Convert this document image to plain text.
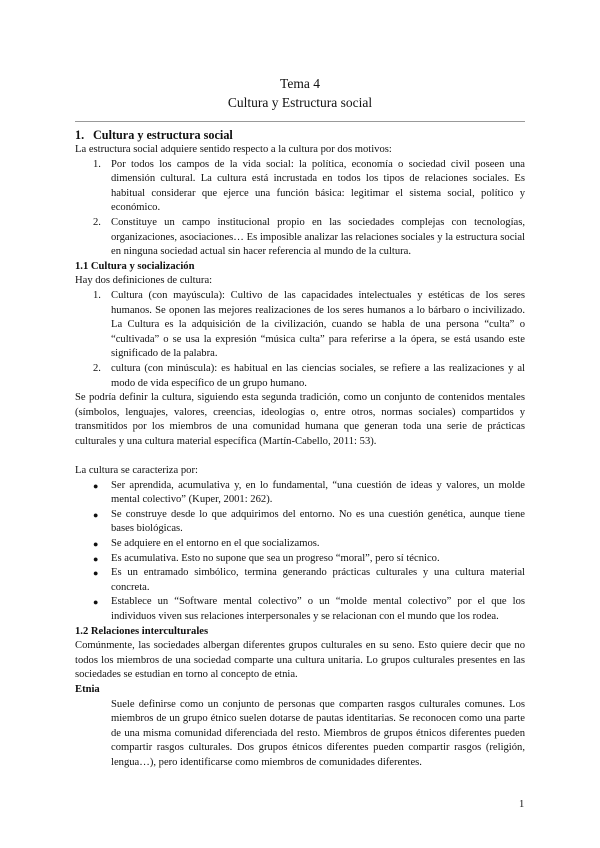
Tema 4
Cultura y Estructura social

1. Cultura y estructura social

La estructura social adquiere sentido respecto a la cultura por dos motivos:

1. Por todos los campos de la vida social: la política, economía o sociedad civil poseen una dimensión cultural. La cultura está incrustada en todos los tipos de relaciones sociales. Es habitual considerar que ejerce una función básica: legitimar el sistema social, político y económico.
2. Constituye un campo institucional propio en las sociedades complejas con tecnologías, organizaciones, asociaciones… Es imposible analizar las relaciones sociales y la estructura social en ninguna sociedad actual sin hacer referencia al mundo de la cultura.

1.1 Cultura y socialización

Hay dos definiciones de cultura:

1. Cultura (con mayúscula): Cultivo de las capacidades intelectuales y estéticas de los seres humanos. Se oponen las mejores realizaciones de los seres humanos a lo bárbaro o incivilizado. La Cultura es la adquisición de la civilización, cuando se habla de una persona “culta” o “cultivada” o se usa la expresión “música culta” para referirse a la ópera, se está usando este significado de la palabra.
2. cultura (con minúscula): es habitual en las ciencias sociales, se refiere a las realizaciones y al modo de vida específico de un grupo humano.

Se podría definir la cultura, siguiendo esta segunda tradición, como un conjunto de contenidos mentales (símbolos, lenguajes, valores, creencias, ideologías o, entre otros, normas sociales) compartidos y transmitidos por los miembros de una comunidad humana que generan toda una serie de prácticas culturales y una cultura material específica (Martín-Cabello, 2011: 53).

La cultura se caracteriza por:

● Ser aprendida, acumulativa y, en lo fundamental, “una cuestión de ideas y valores, un molde mental colectivo” (Kuper, 2001: 262).
● Se construye desde lo que adquirimos del entorno. No es una cuestión genética, aunque tiene bases biológicas.
● Se adquiere en el entorno en el que socializamos.
● Es acumulativa. Esto no supone que sea un progreso “moral”, pero sí técnico.
● Es un entramado simbólico, termina generando prácticas culturales y una cultura material concreta.
● Establece un “Software mental colectivo” o un “molde mental colectivo” por el que los individuos viven sus relaciones interpersonales y se relacionan con el mundo que los rodea.

1.2 Relaciones interculturales

Comúnmente, las sociedades albergan diferentes grupos culturales en su seno. Esto quiere decir que no todos los miembros de una sociedad comparte una cultura unitaria. Lo grupos culturales presentes en las sociedades se estudian en torno al concepto de etnia.

Etnia

Suele definirse como un conjunto de personas que comparten rasgos culturales comunes. Los miembros de un grupo étnico suelen dotarse de pautas identitarias. Se reconocen como una parte de una misma comunidad diferenciada del resto. Miembros de grupos étnicos diferentes pueden compartir rasgos culturales. Dos grupos étnicos diferentes pueden compartir rasgos (religión, lengua…), pero identificarse como miembros de comunidades diferentes.

1
